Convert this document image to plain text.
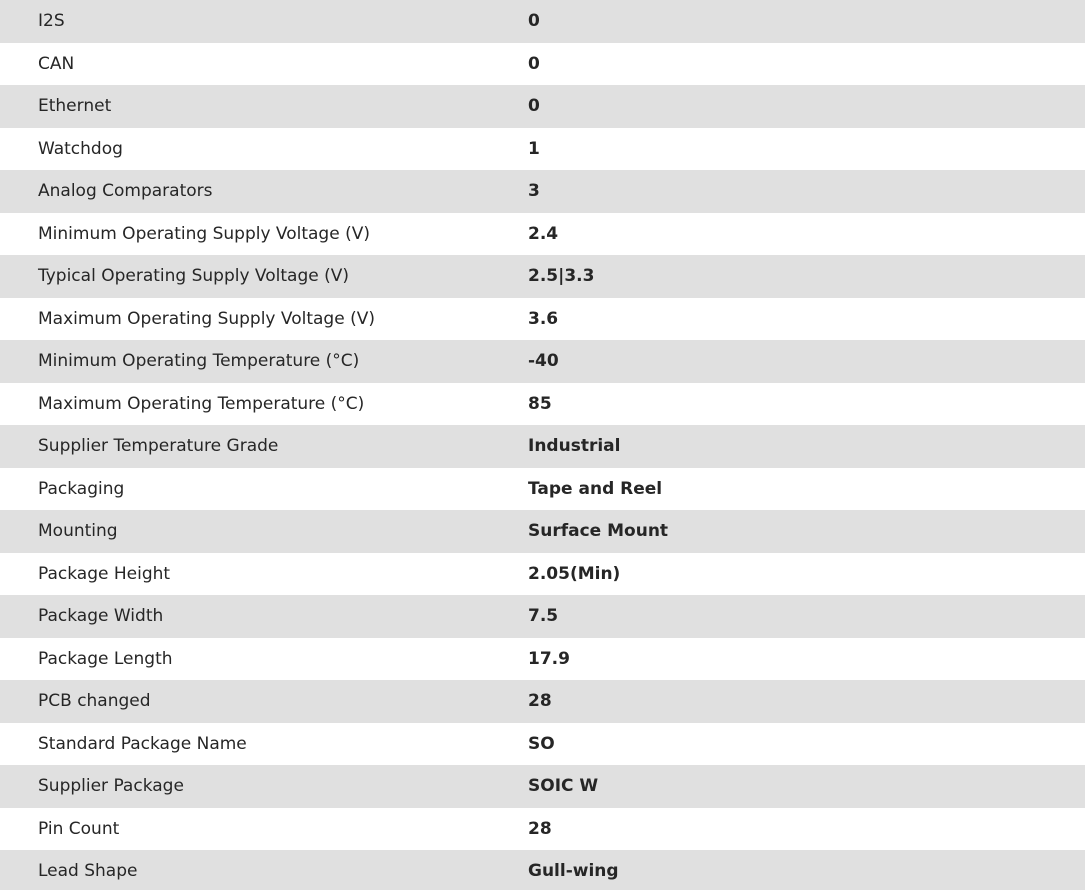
I2S	0
CAN	0
Ethernet	0
Watchdog	1
Analog Comparators	3
Minimum Operating Supply Voltage (V)	2.4
Typical Operating Supply Voltage (V)	2.5|3.3
Maximum Operating Supply Voltage (V)	3.6
Minimum Operating Temperature (°C)	-40
Maximum Operating Temperature (°C)	85
Supplier Temperature Grade	Industrial
Packaging	Tape and Reel
Mounting	Surface Mount
Package Height	2.05(Min)
Package Width	7.5
Package Length	17.9
PCB changed	28
Standard Package Name	SO
Supplier Package	SOIC W
Pin Count	28
Lead Shape	Gull-wing
